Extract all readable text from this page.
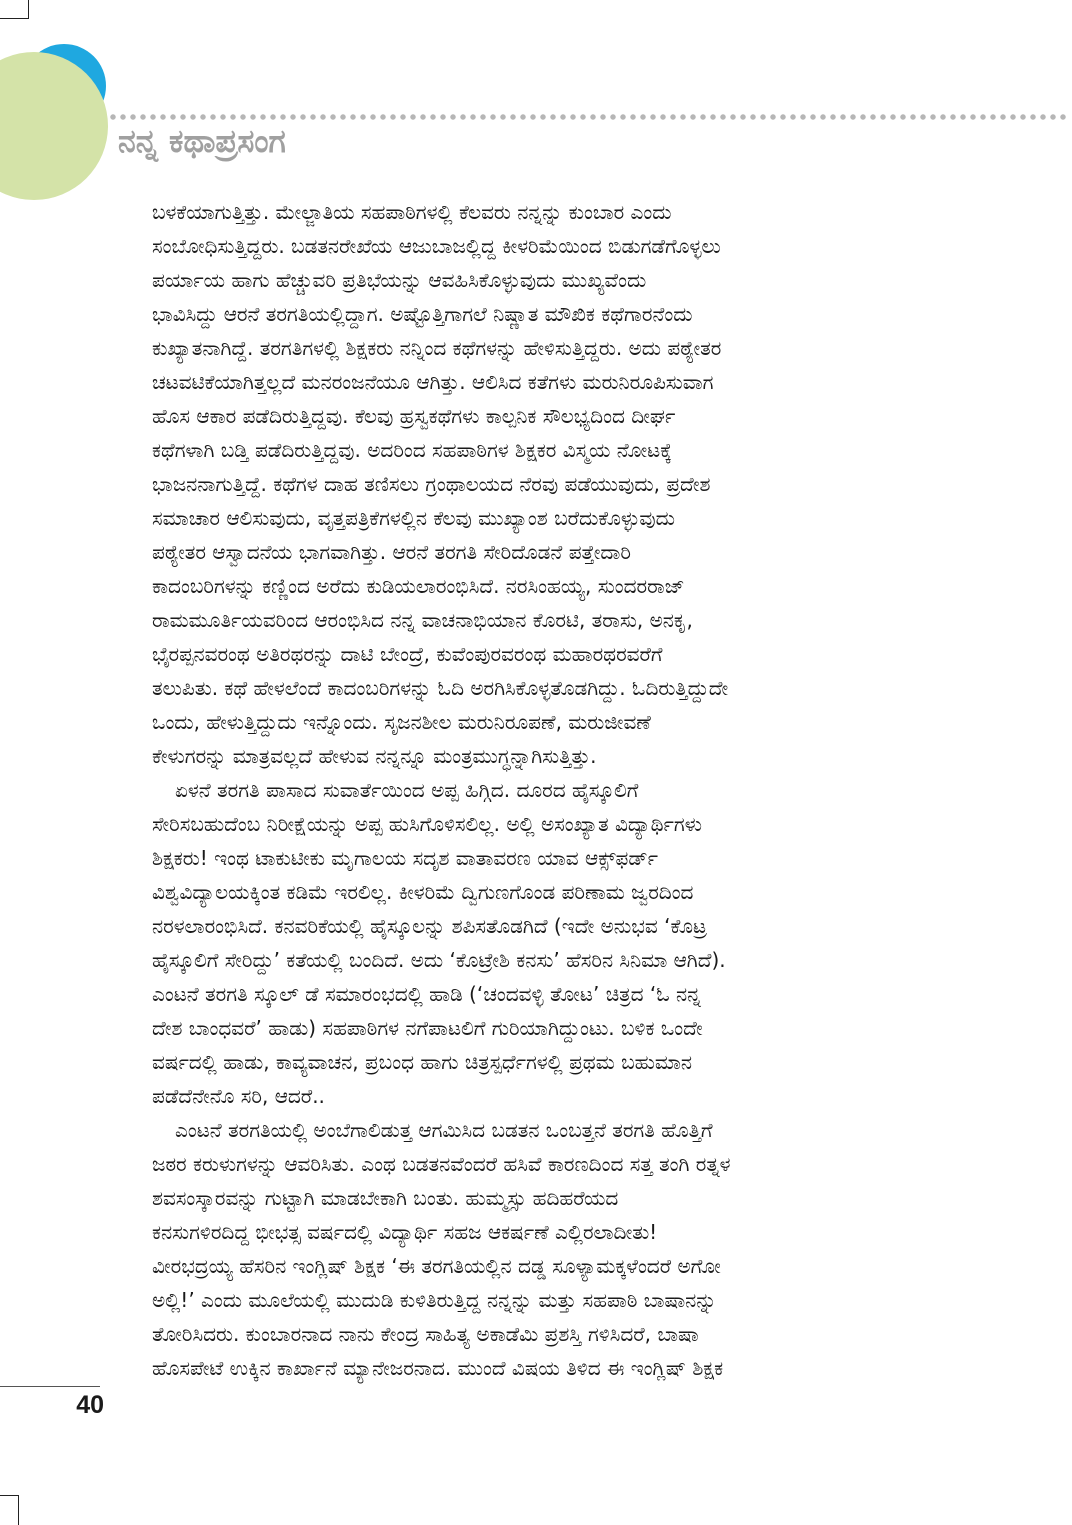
ನನ್ನ ಕಥಾಪ್ರಸಂಗ
ಬಳಕೆಯಾಗುತ್ತಿತ್ತು. ಮೇಲ್ಜಾತಿಯ ಸಹಪಾಠಿಗಳಲ್ಲಿ ಕೆಲವರು ನನ್ನನ್ನು ಕುಂಬಾರ ಎಂದು
ಸಂಬೋಧಿಸುತ್ತಿದ್ದರು. ಬಡತನರೇಖೆಯ ಆಜುಬಾಜಲ್ಲಿದ್ದ ಕೀಳರಿಮೆಯಿಂದ ಬಿಡುಗಡೆಗೊಳ್ಳಲು
ಪರ್ಯಾಯ ಹಾಗು ಹೆಚ್ಚುವರಿ ಪ್ರತಿಭೆಯನ್ನು ಆವಹಿಸಿಕೊಳ್ಳುವುದು ಮುಖ್ಯವೆಂದು
ಭಾವಿಸಿದ್ದು ಆರನೆ ತರಗತಿಯಲ್ಲಿದ್ದಾಗ. ಅಷ್ಟೊತ್ತಿಗಾಗಲೆ ನಿಷ್ಣಾತ ಮೌಖಿಕ ಕಥೆಗಾರನೆಂದು
ಕುಖ್ಯಾತನಾಗಿದ್ದೆ. ತರಗತಿಗಳಲ್ಲಿ ಶಿಕ್ಷಕರು ನನ್ನಿಂದ ಕಥೆಗಳನ್ನು ಹೇಳಿಸುತ್ತಿದ್ದರು. ಅದು ಪಠ್ಯೇತರ
ಚಟವಟಿಕೆಯಾಗಿತ್ತಲ್ಲದೆ ಮನರಂಜನೆಯೂ ಆಗಿತ್ತು. ಆಲಿಸಿದ ಕತೆಗಳು ಮರುನಿರೂಪಿಸುವಾಗ
ಹೊಸ ಆಕಾರ ಪಡೆದಿರುತ್ತಿದ್ದವು. ಕೆಲವು ಹ್ರಸ್ವಕಥೆಗಳು ಕಾಲ್ಪನಿಕ ಸೌಲಭ್ಯದಿಂದ ದೀರ್ಘ
ಕಥೆಗಳಾಗಿ ಬಡ್ತಿ ಪಡೆದಿರುತ್ತಿದ್ದವು. ಅದರಿಂದ ಸಹಪಾಠಿಗಳ ಶಿಕ್ಷಕರ ವಿಸ್ಮಯ ನೋಟಕ್ಕೆ
ಭಾಜನನಾಗುತ್ತಿದ್ದೆ. ಕಥೆಗಳ ದಾಹ ತಣಿಸಲು ಗ್ರಂಥಾಲಯದ ನೆರವು ಪಡೆಯುವುದು, ಪ್ರದೇಶ
ಸಮಾಚಾರ ಆಲಿಸುವುದು, ವೃತ್ತಪತ್ರಿಕೆಗಳಲ್ಲಿನ ಕೆಲವು ಮುಖ್ಯಾಂಶ ಬರೆದುಕೊಳ್ಳುವುದು
ಪಠ್ಯೇತರ ಆಸ್ವಾದನೆಯ ಭಾಗವಾಗಿತ್ತು. ಆರನೆ ತರಗತಿ ಸೇರಿದೊಡನೆ ಪತ್ತೇದಾರಿ
ಕಾದಂಬರಿಗಳನ್ನು ಕಣ್ಣಿಂದ ಅರೆದು ಕುಡಿಯಲಾರಂಭಿಸಿದೆ. ನರಸಿಂಹಯ್ಯ, ಸುಂದರರಾಜ್
ರಾಮಮೂರ್ತಿಯವರಿಂದ ಆರಂಭಿಸಿದ ನನ್ನ ವಾಚನಾಭಿಯಾನ ಕೊರಟಿ, ತರಾಸು, ಅನಕೃ,
ಭೈರಪ್ಪನವರಂಥ ಅತಿರಥರನ್ನು ದಾಟಿ ಬೇಂದ್ರೆ, ಕುವೆಂಪುರವರಂಥ ಮಹಾರಥರವರೆಗೆ
ತಲುಪಿತು. ಕಥೆ ಹೇಳಲೆಂದೆ ಕಾದಂಬರಿಗಳನ್ನು ಓದಿ ಅರಗಿಸಿಕೊಳ್ಳತೊಡಗಿದ್ದು. ಓದಿರುತ್ತಿದ್ದುದೇ
ಒಂದು, ಹೇಳುತ್ತಿದ್ದುದು ಇನ್ನೊಂದು. ಸೃಜನಶೀಲ ಮರುನಿರೂಪಣೆ, ಮರುಜೀವಣೆ
ಕೇಳುಗರನ್ನು ಮಾತ್ರವಲ್ಲದೆ ಹೇಳುವ ನನ್ನನ್ನೂ ಮಂತ್ರಮುಗ್ಧನ್ನಾಗಿಸುತ್ತಿತ್ತು.
ಏಳನೆ ತರಗತಿ ಪಾಸಾದ ಸುವಾರ್ತೆಯಿಂದ ಅಪ್ಪ ಹಿಗ್ಗಿದ. ದೂರದ ಹೈಸ್ಕೂಲಿಗೆ
ಸೇರಿಸಬಹುದೆಂಬ ನಿರೀಕ್ಷೆಯನ್ನು ಅಪ್ಪ ಹುಸಿಗೊಳಿಸಲಿಲ್ಲ. ಅಲ್ಲಿ ಅಸಂಖ್ಯಾತ ವಿದ್ಯಾರ್ಥಿಗಳು
ಶಿಕ್ಷಕರು! ಇಂಥ ಟಾಕುಟೀಕು ಮೃಗಾಲಯ ಸದೃಶ ವಾತಾವರಣ ಯಾವ ಆಕ್ಸ್‌ಫರ್ಡ್
ವಿಶ್ವವಿದ್ಯಾಲಯಕ್ಕಿಂತ ಕಡಿಮೆ ಇರಲಿಲ್ಲ. ಕೀಳರಿಮೆ ದ್ವಿಗುಣಗೊಂಡ ಪರಿಣಾಮ ಜ್ವರದಿಂದ
ನರಳಲಾರಂಭಿಸಿದೆ. ಕನವರಿಕೆಯಲ್ಲಿ ಹೈಸ್ಕೂಲನ್ನು ಶಪಿಸತೊಡಗಿದೆ (ಇದೇ ಅನುಭವ ‘ಕೊಟ್ರ
ಹೈಸ್ಕೂಲಿಗೆ ಸೇರಿದ್ದು’ ಕತೆಯಲ್ಲಿ ಬಂದಿದೆ. ಅದು ‘ಕೊಟ್ರೇಶಿ ಕನಸು’ ಹೆಸರಿನ ಸಿನಿಮಾ ಆಗಿದೆ).
ಎಂಟನೆ ತರಗತಿ ಸ್ಕೂಲ್ ಡೆ ಸಮಾರಂಭದಲ್ಲಿ ಹಾಡಿ (‘ಚಂದವಳ್ಳಿ ತೋಟ’ ಚಿತ್ರದ ‘ಓ ನನ್ನ
ದೇಶ ಬಾಂಧವರೆ’ ಹಾಡು) ಸಹಪಾಠಿಗಳ ನಗೆಪಾಟಲಿಗೆ ಗುರಿಯಾಗಿದ್ದುಂಟು. ಬಳಿಕ ಒಂದೇ
ವರ್ಷದಲ್ಲಿ ಹಾಡು, ಕಾವ್ಯವಾಚನ, ಪ್ರಬಂಧ ಹಾಗು ಚಿತ್ರಸ್ಪರ್ಧೆಗಳಲ್ಲಿ ಪ್ರಥಮ ಬಹುಮಾನ
ಪಡೆದೆನೇನೊ ಸರಿ, ಆದರೆ..
ಎಂಟನೆ ತರಗತಿಯಲ್ಲಿ ಅಂಬೆಗಾಲಿಡುತ್ತ ಆಗಮಿಸಿದ ಬಡತನ ಒಂಬತ್ತನೆ ತರಗತಿ ಹೊತ್ತಿಗೆ
ಜಠರ ಕರುಳುಗಳನ್ನು ಆವರಿಸಿತು. ಎಂಥ ಬಡತನವೆಂದರೆ ಹಸಿವೆ ಕಾರಣದಿಂದ ಸತ್ತ ತಂಗಿ ರತ್ನಳ
ಶವಸಂಸ್ಕಾರವನ್ನು ಗುಟ್ಟಾಗಿ ಮಾಡಬೇಕಾಗಿ ಬಂತು. ಹುಮ್ಮಸ್ಸು ಹದಿಹರೆಯದ
ಕನಸುಗಳಿರದಿದ್ದ ಭೀಭತ್ಸ ವರ್ಷದಲ್ಲಿ ವಿದ್ಯಾರ್ಥಿ ಸಹಜ ಆಕರ್ಷಣೆ ಎಲ್ಲಿರಲಾದೀತು!
ವೀರಭದ್ರಯ್ಯ ಹೆಸರಿನ ಇಂಗ್ಲಿಷ್ ಶಿಕ್ಷಕ ‘ಈ ತರಗತಿಯಲ್ಲಿನ ದಡ್ಡ ಸೂಳ್ಯಾಮಕ್ಕಳೆಂದರೆ ಅಗೋ
ಅಲ್ಲಿ!’ ಎಂದು ಮೂಲೆಯಲ್ಲಿ ಮುದುಡಿ ಕುಳಿತಿರುತ್ತಿದ್ದ ನನ್ನನ್ನು ಮತ್ತು ಸಹಪಾಠಿ ಬಾಷಾನನ್ನು
ತೋರಿಸಿದರು. ಕುಂಬಾರನಾದ ನಾನು ಕೇಂದ್ರ ಸಾಹಿತ್ಯ ಅಕಾಡೆಮಿ ಪ್ರಶಸ್ತಿ ಗಳಿಸಿದರೆ, ಬಾಷಾ
ಹೊಸಪೇಟೆ ಉಕ್ಕಿನ ಕಾರ್ಖಾನೆ ಮ್ಯಾನೇಜರನಾದ. ಮುಂದೆ ವಿಷಯ ತಿಳಿದ ಈ ಇಂಗ್ಲಿಷ್ ಶಿಕ್ಷಕ
40
